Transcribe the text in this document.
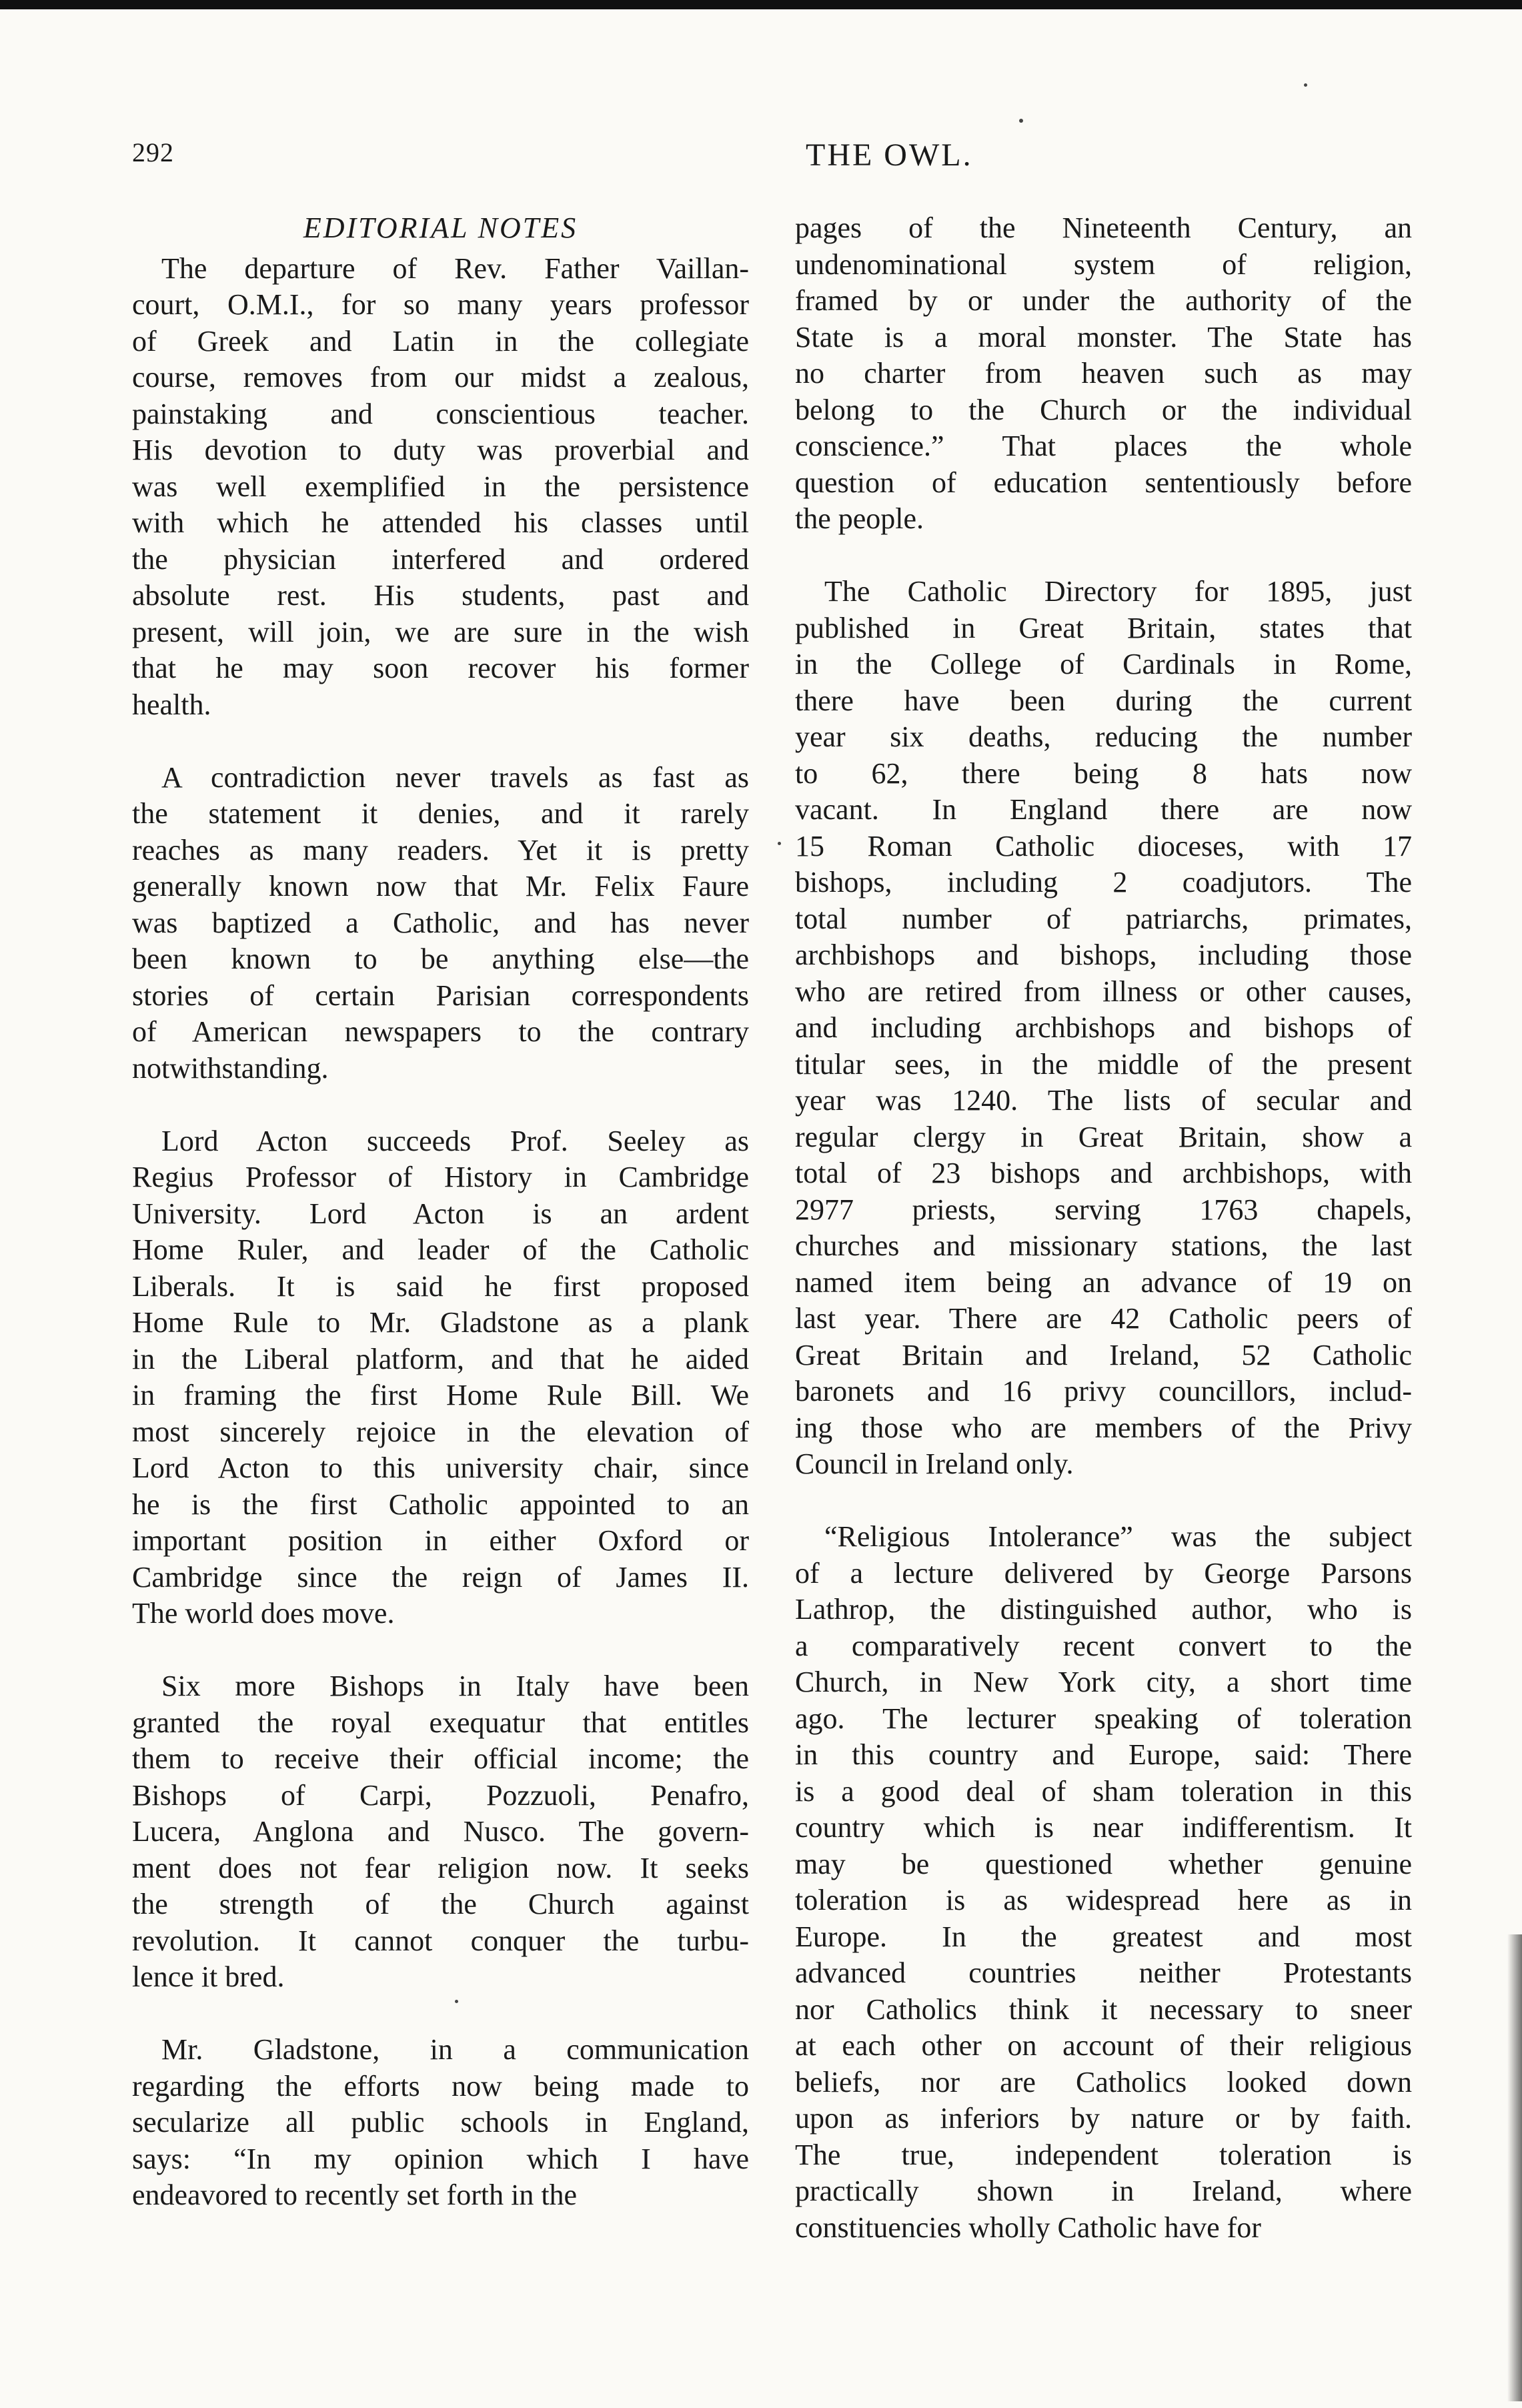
292	THE OWL.
EDITORIAL NOTES

The departure of Rev. Father Vaillan-
court, O.M.I., for so many years professor
of Greek and Latin in the collegiate
course, removes from our midst a zealous,
painstaking and conscientious teacher.
His devotion to duty was proverbial and
was well exemplified in the persistence
with which he attended his classes until
the physician interfered and ordered
absolute rest. His students, past and
present, will join, we are sure in the wish
that he may soon recover his former
health.

A contradiction never travels as fast as
the statement it denies, and it rarely
reaches as many readers. Yet it is pretty
generally known now that Mr. Felix Faure
was baptized a Catholic, and has never
been known to be anything else—the
stories of certain Parisian correspondents
of American newspapers to the contrary
notwithstanding.

Lord Acton succeeds Prof. Seeley as
Regius Professor of History in Cambridge
University. Lord Acton is an ardent
Home Ruler, and leader of the Catholic
Liberals. It is said he first proposed
Home Rule to Mr. Gladstone as a plank
in the Liberal platform, and that he aided
in framing the first Home Rule Bill. We
most sincerely rejoice in the elevation of
Lord Acton to this university chair, since
he is the first Catholic appointed to an
important position in either Oxford or
Cambridge since the reign of James II.
The world does move.

Six more Bishops in Italy have been
granted the royal exequatur that entitles
them to receive their official income; the
Bishops of Carpi, Pozzuoli, Penafro,
Lucera, Anglona and Nusco. The govern-
ment does not fear religion now. It seeks
the strength of the Church against
revolution. It cannot conquer the turbu-
lence it bred.

Mr. Gladstone, in a communication
regarding the efforts now being made to
secularize all public schools in England,
says: “In my opinion which I have
endeavored to recently set forth in the

pages of the Nineteenth Century, an
undenominational system of religion,
framed by or under the authority of the
State is a moral monster. The State has
no charter from heaven such as may
belong to the Church or the individual
conscience.” That places the whole
question of education sententiously before
the people.

The Catholic Directory for 1895, just
published in Great Britain, states that
in the College of Cardinals in Rome,
there have been during the current
year six deaths, reducing the number
to 62, there being 8 hats now
vacant. In England there are now
15 Roman Catholic dioceses, with 17
bishops, including 2 coadjutors. The
total number of patriarchs, primates,
archbishops and bishops, including those
who are retired from illness or other causes,
and including archbishops and bishops of
titular sees, in the middle of the present
year was 1240. The lists of secular and
regular clergy in Great Britain, show a
total of 23 bishops and archbishops, with
2977 priests, serving 1763 chapels,
churches and missionary stations, the last
named item being an advance of 19 on
last year. There are 42 Catholic peers of
Great Britain and Ireland, 52 Catholic
baronets and 16 privy councillors, includ-
ing those who are members of the Privy
Council in Ireland only.

“Religious Intolerance” was the subject
of a lecture delivered by George Parsons
Lathrop, the distinguished author, who is
a comparatively recent convert to the
Church, in New York city, a short time
ago. The lecturer speaking of toleration
in this country and Europe, said: There
is a good deal of sham toleration in this
country which is near indifferentism. It
may be questioned whether genuine
toleration is as widespread here as in
Europe. In the greatest and most
advanced countries neither Protestants
nor Catholics think it necessary to sneer
at each other on account of their religious
beliefs, nor are Catholics looked down
upon as inferiors by nature or by faith.
The true, independent toleration is
practically shown in Ireland, where
constituencies wholly Catholic have for
